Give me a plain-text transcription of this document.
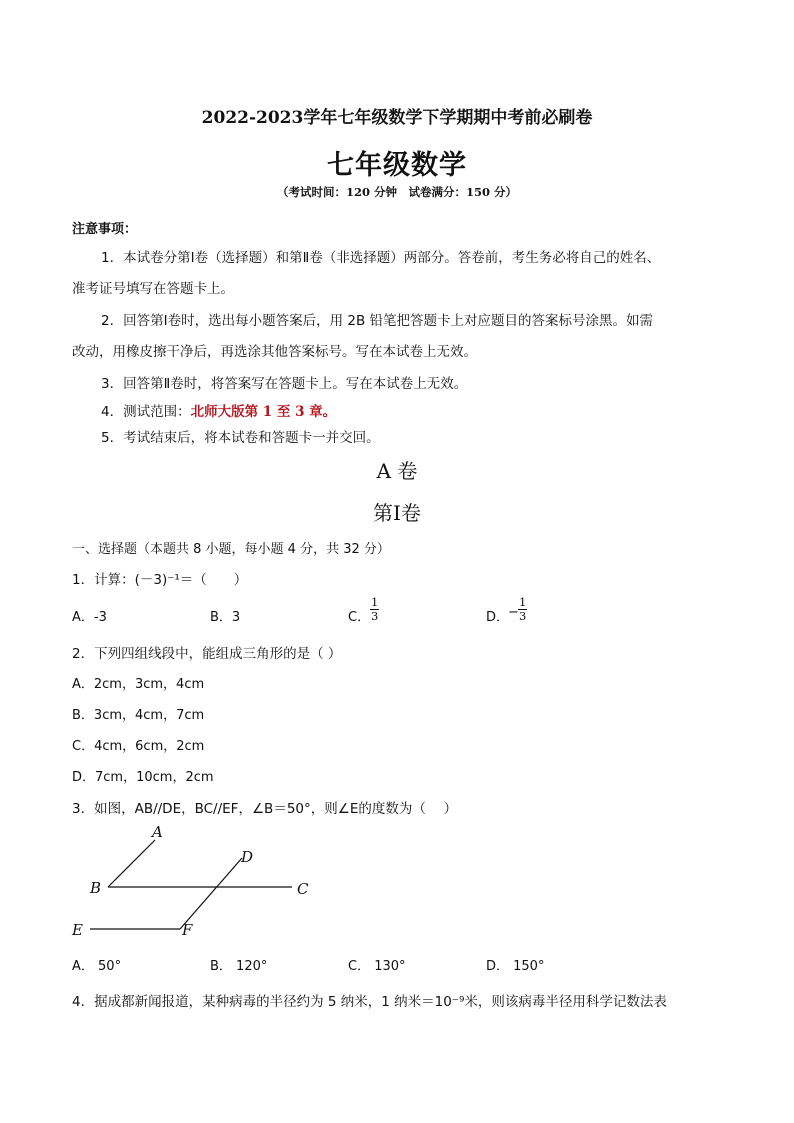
2022-2023学年七年级数学下学期期中考前必刷卷
七年级数学
（考试时间：120 分钟　试卷满分：150 分）
注意事项：
1．本试卷分第Ⅰ卷（选择题）和第Ⅱ卷（非选择题）两部分。答卷前，考生务必将自己的姓名、
准考证号填写在答题卡上。
2．回答第Ⅰ卷时，选出每小题答案后，用 2B 铅笔把答题卡上对应题目的答案标号涂黑。如需
改动，用橡皮擦干净后，再选涂其他答案标号。写在本试卷上无效。
3．回答第Ⅱ卷时，将答案写在答题卡上。写在本试卷上无效。
4．测试范围：北师大版第 1 至 3 章。
5．考试结束后，将本试卷和答题卡一并交回。
A 卷
第Ⅰ卷
一、选择题（本题共 8 小题，每小题 4 分，共 32 分）
1．计算：(－3)⁻¹＝（　　）
A．-3	B．3	C． $\frac{1}{3}$	D．
− $\frac{1}{3}$
2．下列四组线段中，能组成三角形的是（ ）
A．2cm，3cm，4cm
B．3cm，4cm，7cm
C．4cm，6cm，2cm
D．7cm，10cm，2cm
3．如图，AB//DE，BC//EF，∠B＝50°，则∠E的度数为（　 ）
A
B	C
D
E	F
A． 50°	B． 120°	C． 130°	D． 150°
4．据成都新闻报道，某种病毒的半径约为 5 纳米，1 纳米＝10⁻⁹米，则该病毒半径用科学记数法表
